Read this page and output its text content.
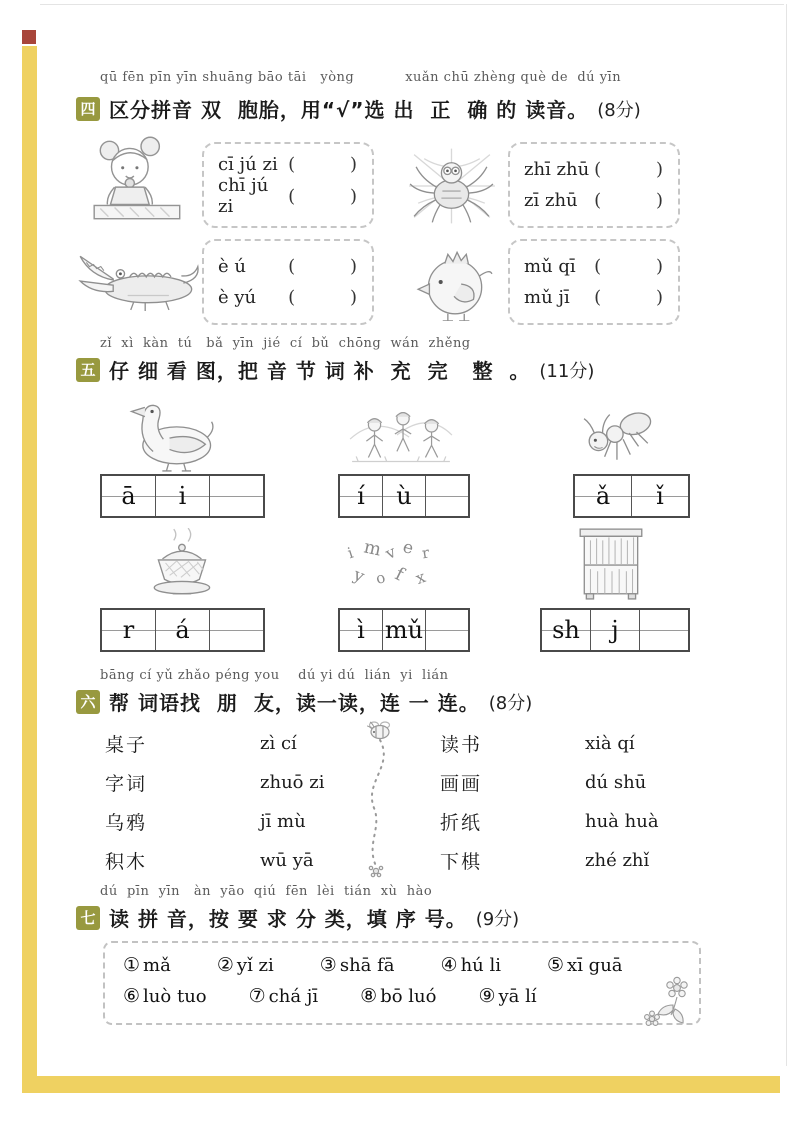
qū fēn pīn yīn shuāng bāo tāi   yòng           xuǎn chū zhèng què de  dú yīn
四 区分拼音 双  胞胎，用“√”选 出  正  确 的 读音。 (8分)
cī jú zi (        )
chī jú zi	(        )
zhī zhū (        )
zī zhū (        )
è ú (        )
è yú (        )
mǔ qī (        )
mǔ jī (        )
zǐ  xì  kàn  tú   bǎ  yīn  jié  cí  bǔ  chōng  wán  zhěng
五 仔 细 看 图，把 音 节 词 补  充  完   整  。 (11分)
ā	i	í	ù	ǎ	ǐ
i m v e r
y o f x
r	á	ì mǔ	sh	j
bāng cí yǔ zhǎo péng you    dú yi dú  lián  yi  lián
六 帮 词语找  朋  友，读一读，连 一 连。 (8分)
桌子	zì cí	读书	xià qí
字词	zhuō zi	画画	dú shū
乌鸦	jī mù	折纸	huà huà
积木	wū yā	下棋	zhé zhǐ
dú  pīn  yīn   àn  yāo  qiú  fēn  lèi  tián  xù  hào
七 读 拼 音，按 要 求 分 类，填 序 号。 (9分)
① mǎ ② yǐ zi ③ shā fā ④ hú li ⑤ xī guā
⑥ luò tuo ⑦ chá jī ⑧ bō luó ⑨ yā lí
